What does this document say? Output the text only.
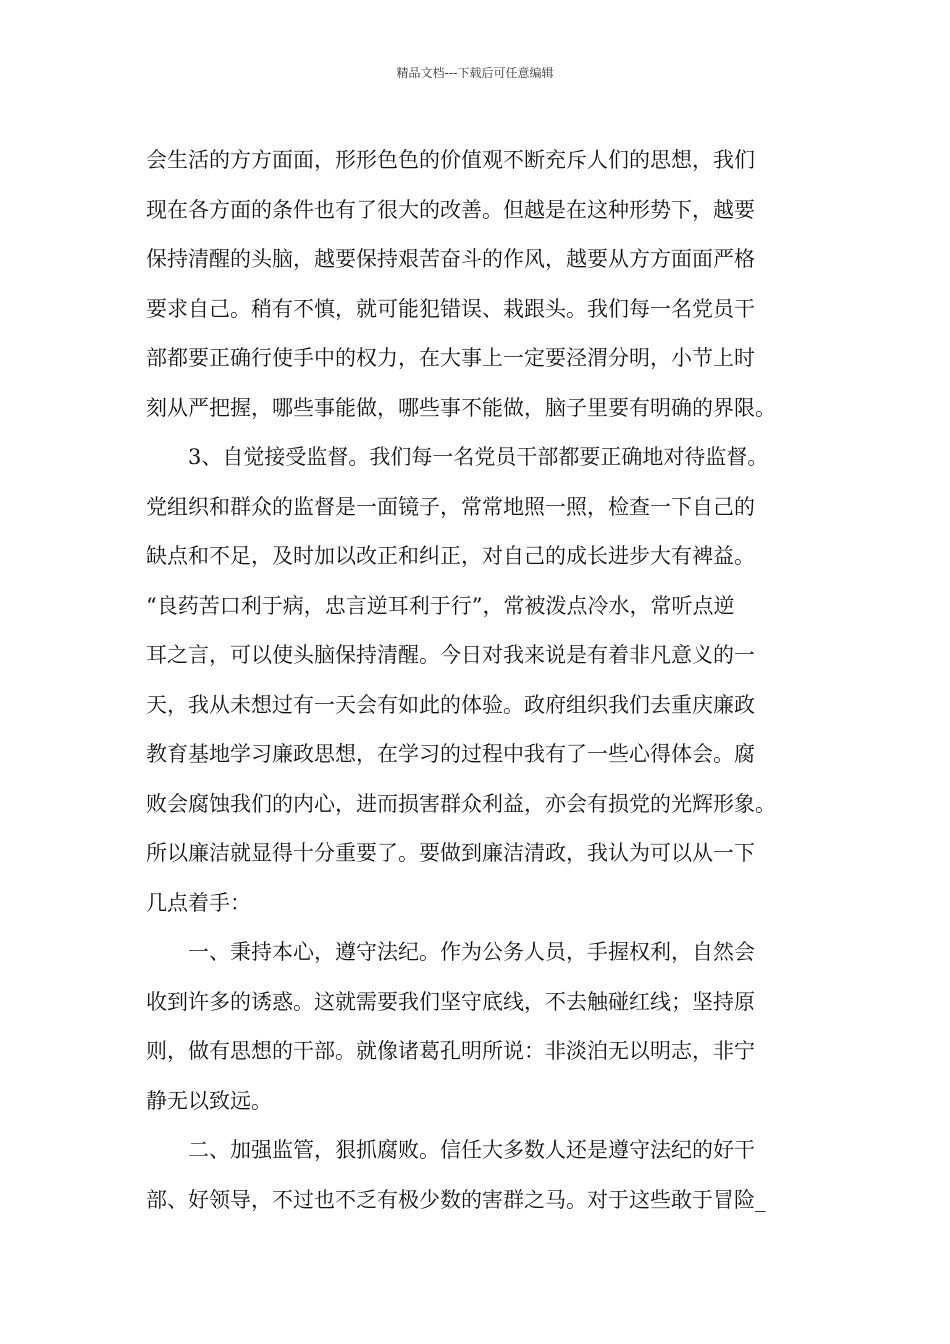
精品文档---下载后可任意编辑
会生活的方方面面，形形色色的价值观不断充斥人们的思想，我们
现在各方面的条件也有了很大的改善。但越是在这种形势下，越要
保持清醒的头脑，越要保持艰苦奋斗的作风，越要从方方面面严格
要求自己。稍有不慎，就可能犯错误、栽跟头。我们每一名党员干
部都要正确行使手中的权力，在大事上一定要泾渭分明，小节上时
刻从严把握，哪些事能做，哪些事不能做，脑子里要有明确的界限。
3、自觉接受监督。我们每一名党员干部都要正确地对待监督。
党组织和群众的监督是一面镜子，常常地照一照，检查一下自己的
缺点和不足，及时加以改正和纠正，对自己的成长进步大有裨益。
“良药苦口利于病，忠言逆耳利于行”，常被泼点冷水，常听点逆
耳之言，可以使头脑保持清醒。今日对我来说是有着非凡意义的一
天，我从未想过有一天会有如此的体验。政府组织我们去重庆廉政
教育基地学习廉政思想，在学习的过程中我有了一些心得体会。腐
败会腐蚀我们的内心，进而损害群众利益，亦会有损党的光辉形象。
所以廉洁就显得十分重要了。要做到廉洁清政，我认为可以从一下
几点着手：
一、秉持本心，遵守法纪。作为公务人员，手握权利，自然会
收到许多的诱惑。这就需要我们坚守底线，不去触碰红线；坚持原
则，做有思想的干部。就像诸葛孔明所说：非淡泊无以明志，非宁
静无以致远。
二、加强监管，狠抓腐败。信任大多数人还是遵守法纪的好干
部、好领导，不过也不乏有极少数的害群之马。对于这些敢于冒险_
